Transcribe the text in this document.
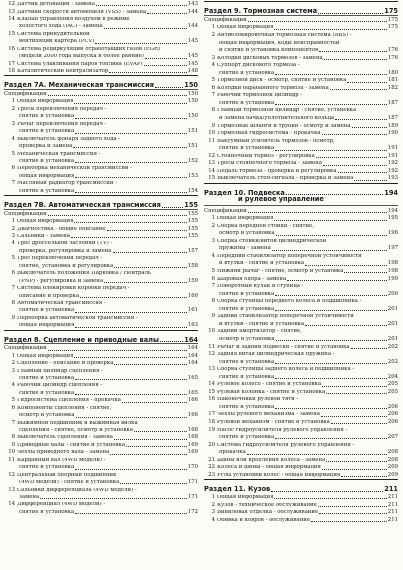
12 Датчик детонации - замена	143
13 Датчики скорости автомобиля (VSS) - замена	144
14 Клапан управления воздухом в режиме
холостого хода (IAC) - замена	144
15 Система принудительной
вентиляции картера (PCV)	145
16 Система рециркуляции отработавших газов (EGR)
(модели 2000 года выпуска и более ранние)	145
17 Система улавливания паров топлива (EVAP)	145
18 Каталитический нейтрализатор	148
Раздел 7А. Механическая трансмиссия	150
Спецификации	150
1 Общая информация	150
2 Тросы переключения передач -
снятие и установка	150
3 Рычаг переключения передач -
снятие и установка	151
4 Выключатель фонаря заднего хода -
проверка и замена	151
5 Механическая трансмиссия -
снятие и установка	152
6 Переборка механической трансмиссии -
общая информация	153
7 Масляный радиатор трансмиссии -
снятие и установка	154
Раздел 7В. Автоматическая трансмиссия	155
Спецификации	155
1 Общая информация	155
2 Диагностика - общие описание	155
3 Сальники - замена	155
4 Трос дроссельной заслонки (TV) -
проверка, регулировка и замена	157
5 Трос переключения передач -
снятие, установка и регулировка	158
6 Выключатель положения Парковка / Нейтраль
(PNP) - регулировка и замена	159
7 Система блокировки коробки передач -
описание и проверка	160
8 Автоматическая трансмиссия -
снятие и установка	161
9 Переборка автоматической трансмиссии -
общая информация	163
Раздел 8. Сцепление и приводные валы	164
Спецификации	164
1 Общая информация	164
2 Сцепление - описание и проверка	164
3 Главный цилиндр сцепления -
снятие и установка	165
4 Рабочий цилиндр сцепления -
снятие и установка	165
5 Гидросистема сцепления - прокачка	166
6 Компоненты сцепления - снятие,
осмотр и установка	166
7 Выжимной подшипник и выжимная вилка
сцепления - снятие, осмотр и установка	168
8 Выключатель сцепления - замена	168
9 Приводные валы - снятие и установка	169
10 Чехлы приводного вала - замена	169
11 Карданный вал (4WD модели) -
снятие и установка	170
12 Центральный опорный подшипник
(4WD модели) - снятие и установка	171
13 Сальники дифференциала (4WD модели) -
замена	171
14 Дифференциал (4WD модели) -
снятие и установка	172
Раздел 9. Тормозная система	175
Спецификации	175
1 Общая информация	175
2 Антиблокировочная тормозная система (ABS) -
общая информация, коды неисправностей
и снятие и установка компонентов	176
3 Колодки дисковых тормозов - замена	176
4 Суппорт дискового тормоза -
снятие и установка	180
5 Тормозной диск - осмотр, снятие и установка	181
6 Колодки барабанного тормоза - замена	182
7 Рабочий тормозной цилиндр -
снятие и установка	187
8 Главный тормозной цилиндр - снятие, установка
и замена бачка/уплотнительного кольца	187
9 Тормозные шланги и трубки - осмотр и замена	189
10 Тормозная гидросистема - прокачка	190
11 Вакуумный усилитель тормозов - осмотр,
снятие и установка	191
12 Стояночный тормоз - регулировка	191
13 Тросы стояночного тормоза - замена	192
14 Педаль тормоза - проверка и регулировка	192
15 Выключатель стоп-сигнала - проверка и замена	193
Раздел 10. Подвеска	194
и рулевое управление
Спецификации	194
1 Общая информация	195
2 Сборка передней стойки - снятие,
осмотр и установка	196
3 Сборка стойки/витой цилиндрической
пружины - замена	197
4 Передний стабилизатор поперечной устойчивости
и втулки - снятие и установка	198
5 Нижний рычаг - снятие, осмотр и установка	198
6 Шаровая опора - замена	199
7 Поворотный кулак и ступица -
снятие и установка	200
8 Сборка ступицы переднего колеса и подшипника -
снятие и установка	201
9 Задний стабилизатор поперечной устойчивости
и втулки - снятие и установка	201
10 Задний амортизатор - снятие,
осмотр и установка	201
11 Рычаг и задний подвески - снятие и установка	202
12 Задняя витая цилиндрическая пружина -
снятие и установка	202
13 Сборка ступицы заднего колеса и подшипника -
снятие и установка	204
14 Рулевое колесо - снятие и установка	205
15 Рулевая колонка - снятие и установка	205
16 Наконечники рулевой тяги -
снятие и установка	206
17 Чехлы рулевого механизма - замена	206
18 Рулевой механизм - снятие и установка	206
19 Насос гидроусилителя рулевого управления -
снятие и установка	207
20 Система гидроусилителя рулевого управления -
прокачка	208
21 Шины или крепления колеса - замена	208
22 Колеса и шины - общая информация	209
23 Углы установки колес - общая информация	209
Раздел 11. Кузов	211
1 Общая информация	211
2 Кузов - техническое обслуживание	211
3 Виниловая отделка - обслуживание	211
4 Обивка и ковров - обслуживание	211
